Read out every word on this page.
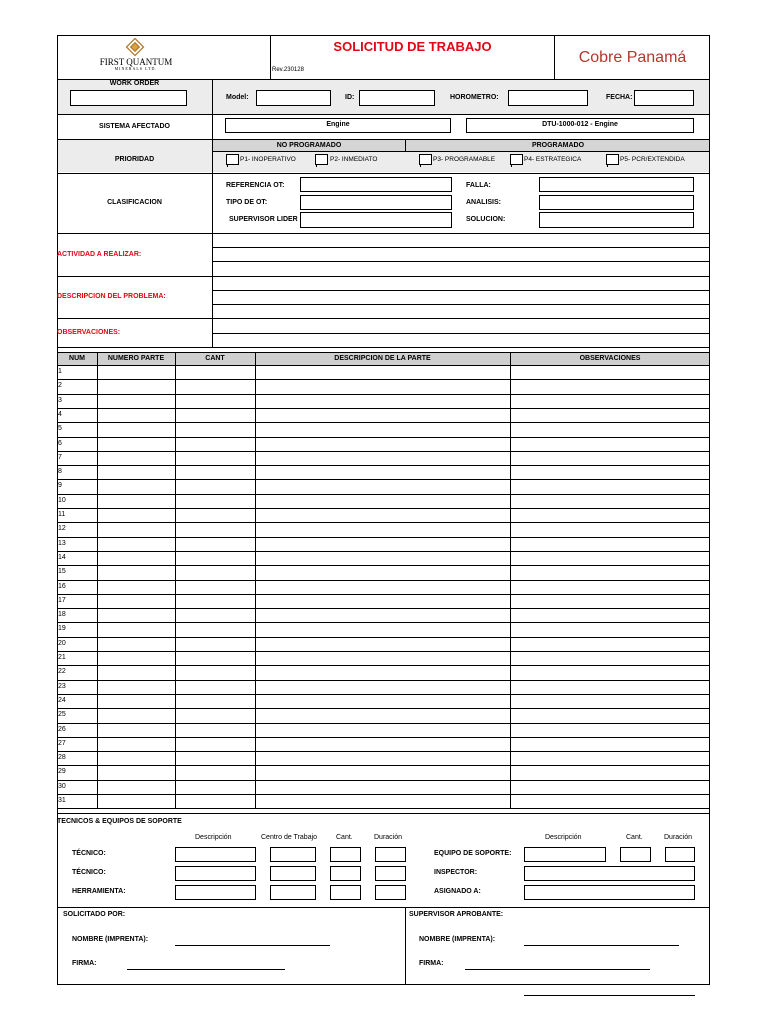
FIRST QUANTUM
MINERALS LTD.
SOLICITUD DE TRABAJO
Rev.230128
Cobre Panamá
WORK ORDER
Model:	ID:	HOROMETRO:	FECHA:
SISTEMA AFECTADO	Engine	DTU-1000-012 - Engine
PRIORIDAD
NO PROGRAMADO	PROGRAMADO
P1- INOPERATIVO	P2- INMEDIATO	P3- PROGRAMABLE	P4- ESTRATEGICA	P5- PCR/EXTENDIDA
CLASIFICACION
REFERENCIA OT:
TIPO DE OT:
SUPERVISOR LIDER
FALLA:
ANALISIS:
SOLUCION:
ACTIVIDAD A REALIZAR:
DESCRIPCION DEL PROBLEMA:
OBSERVACIONES:
NUM	NUMERO PARTE	CANT	DESCRIPCION DE LA PARTE	OBSERVACIONES
1
2
3
4
5
6
7
8
9
10
11
12
13
14
15
16
17
18
19
20
21
22
23
24
25
26
27
28
29
30
31
TECNICOS & EQUIPOS DE SOPORTE
Descripción	Centro de Trabajo	Cant.	Duración	Descripción	Cant.	Duración
TÉCNICO:
TÉCNICO:
HERRAMIENTA:
EQUIPO DE SOPORTE:
INSPECTOR:
ASIGNADO A:
SOLICITADO POR:	SUPERVISOR APROBANTE:
NOMBRE (IMPRENTA):
FIRMA:
NOMBRE (IMPRENTA):
FIRMA:
